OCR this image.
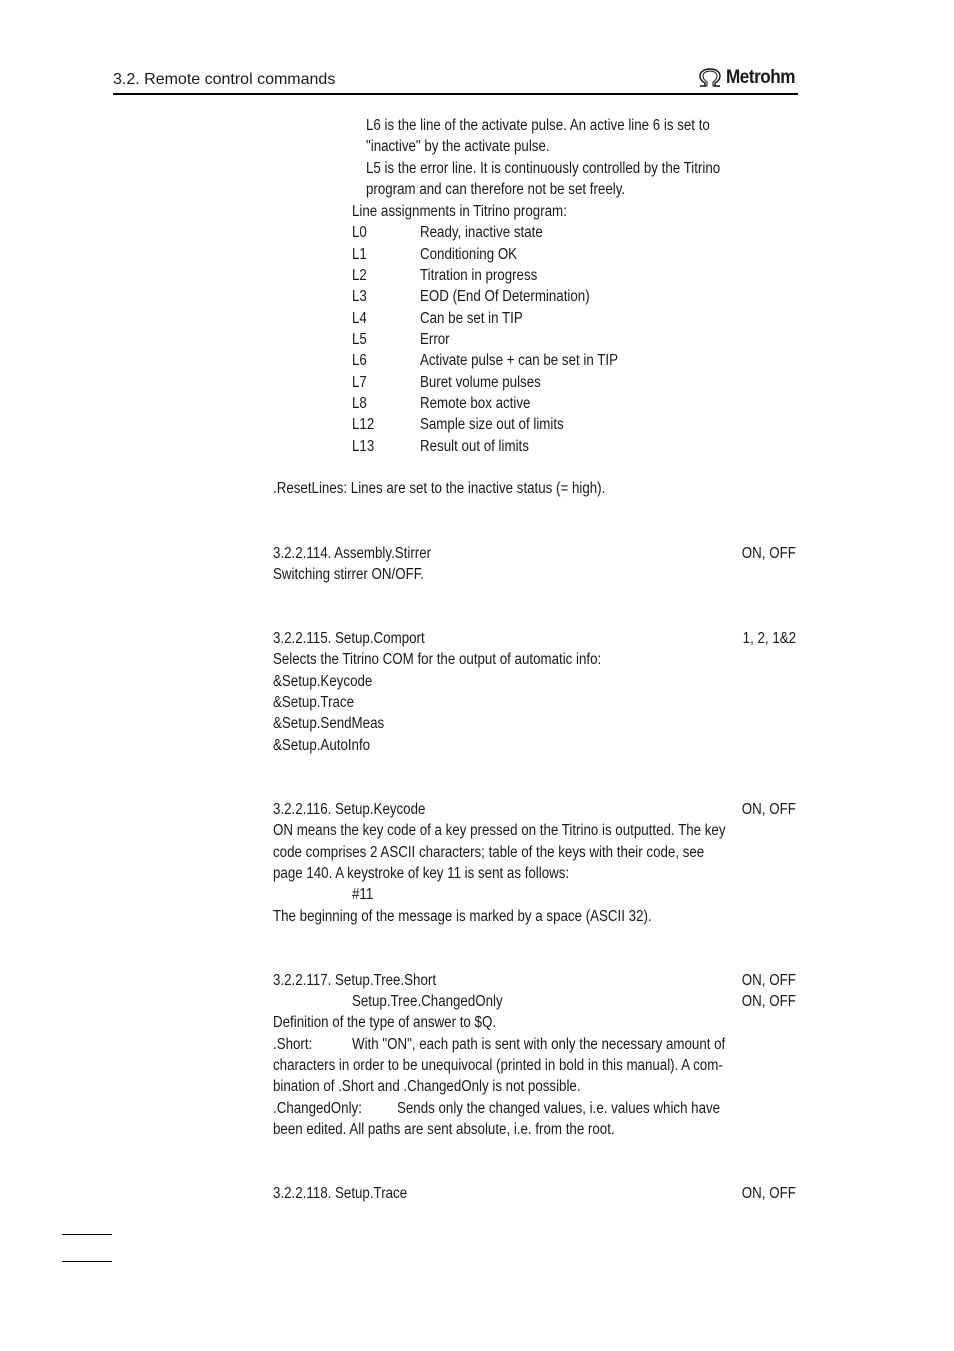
3.2. Remote control commands	Metrohm
L6 is the line of the activate pulse. An active line 6 is set to
"inactive" by the activate pulse.
L5 is the error line. It is continuously controlled by the Titrino
program and can therefore not be set freely.
Line assignments in Titrino program:
L0	Ready, inactive state
L1	Conditioning OK
L2	Titration in progress
L3	EOD (End Of Determination)
L4	Can be set in TIP
L5	Error
L6	Activate pulse + can be set in TIP
L7	Buret volume pulses
L8	Remote box active
L12	Sample size out of limits
L13	Result out of limits
.ResetLines: Lines are set to the inactive status (= high).
3.2.2.114. Assembly.Stirrer	ON, OFF
Switching stirrer ON/OFF.
3.2.2.115. Setup.Comport	1, 2, 1&2
Selects the Titrino COM for the output of automatic info:
&Setup.Keycode
&Setup.Trace
&Setup.SendMeas
&Setup.AutoInfo
3.2.2.116. Setup.Keycode	ON, OFF
ON means the key code of a key pressed on the Titrino is outputted. The key
code comprises 2 ASCII characters; table of the keys with their code, see
page 140. A keystroke of key 11 is sent as follows:
#11
The beginning of the message is marked by a space (ASCII 32).
3.2.2.117. Setup.Tree.Short	ON, OFF
Setup.Tree.ChangedOnly	ON, OFF
Definition of the type of answer to $Q.
.Short:	With "ON", each path is sent with only the necessary amount of
characters in order to be unequivocal (printed in bold in this manual). A com-
bination of .Short and .ChangedOnly is not possible.
.ChangedOnly: Sends only the changed values, i.e. values which have
been edited. All paths are sent absolute, i.e. from the root.
3.2.2.118. Setup.Trace	ON, OFF
